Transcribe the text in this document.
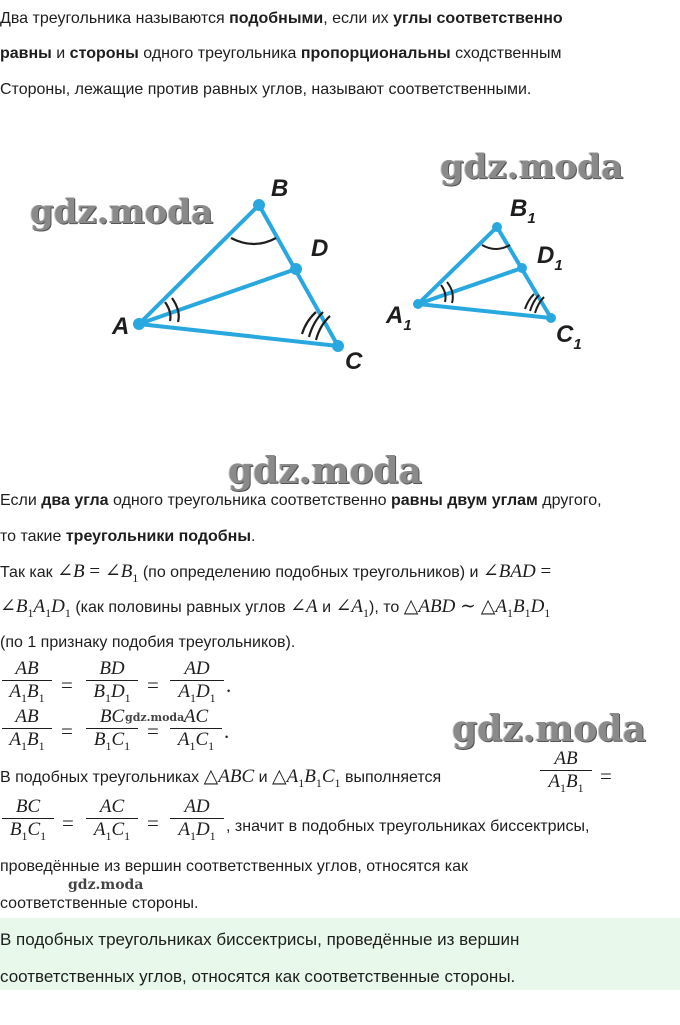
Два треугольника называются подобными, если их углы соответственно
равны и стороны одного треугольника пропорциональны сходственным
Стороны, лежащие против равных углов, называют соответственными.
gdz.moda
gdz.moda
gdz.moda
gdz.moda
gdz.moda
gdz.moda
A
B
C
D
$A_1$
$B_1$
$C_1$
$D_1$
Если два угла одного треугольника соответственно равны двум углам другого,
то такие треугольники подобны.
Так как ∠B = $\angle B_1$ (по определению подобных треугольников) и ∠BAD =
$\angle B_1A_1D_1$ (как половины равных углов ∠A и $\angle A_1$), то △ABD ∼ $\triangle A_1B_1D_1$
(по 1 признаку подобия треугольников).
AB
$A_1B_1$
=
BD
$B_1D_1$
=
AD
$A_1D_1$
.
AB
$A_1B_1$
=
BC
$B_1C_1$
=
AC
$A_1C_1$
.
В подобных треугольниках △ABC и $\triangle A_1B_1C_1$ выполняется
AB
$A_1B_1$ =
BC
$B_1C_1$
=
AC
$A_1C_1$
=
AD
$A_1D_1$
, значит в подобных треугольниках биссектрисы,
проведённые из вершин соответственных углов, относятся как
соответственные стороны.
В подобных треугольниках биссектрисы, проведённые из вершин
соответственных углов, относятся как соответственные стороны.
